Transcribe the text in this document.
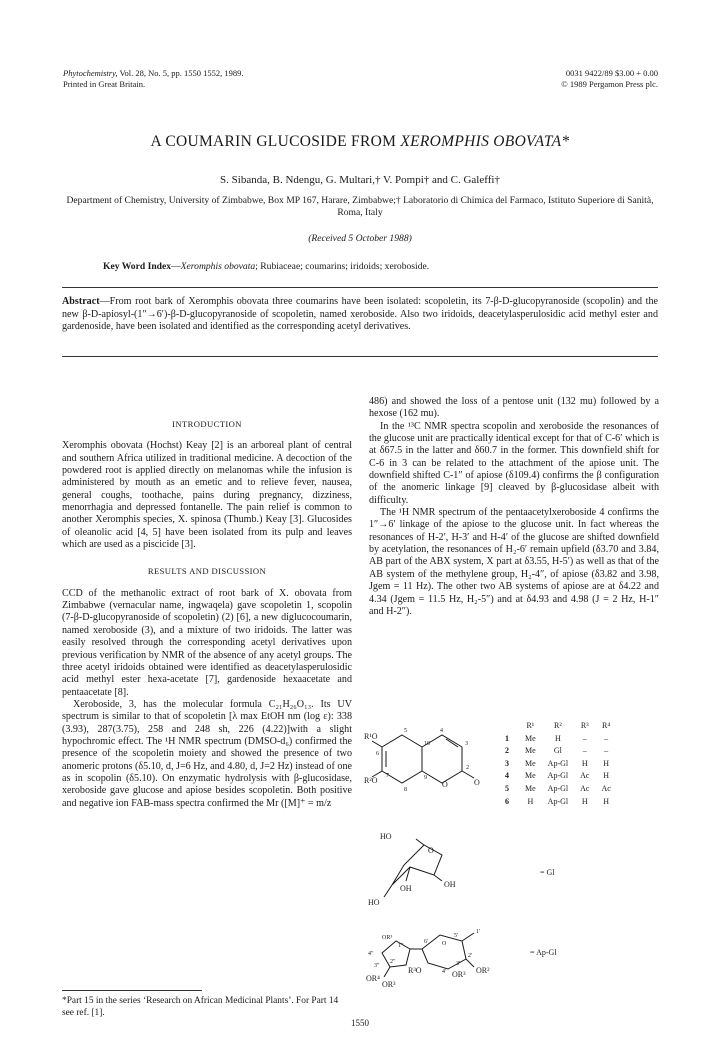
Phytochemistry, Vol. 28, No. 5, pp. 1550 1552, 1989.
Printed in Great Britain.
0031 9422/89 $3.00 + 0.00
© 1989 Pergamon Press plc.
A COUMARIN GLUCOSIDE FROM XEROMPHIS OBOVATA*
S. Sibanda, B. Ndengu, G. Multari,† V. Pompi† and C. Galeffi†
Department of Chemistry, University of Zimbabwe, Box MP 167, Harare, Zimbabwe;† Laboratorio di Chimica del Farmaco, Istituto Superiore di Sanità, Roma, Italy
(Received 5 October 1988)
Key Word Index—Xeromphis obovata; Rubiaceae; coumarins; iridoids; xeroboside.
Abstract—From root bark of Xeromphis obovata three coumarins have been isolated: scopoletin, its 7-β-D-glucopyranoside (scopolin) and the new β-D-apiosyl-(1″→6′)-β-D-glucopyranoside of scopoletin, named xeroboside. Also two iridoids, deacetylasperulosidic acid methyl ester and gardenoside, have been isolated and identified as the corresponding acetyl derivatives.
INTRODUCTION

Xeromphis obovata (Hochst) Keay [2] is an arboreal plant of central and southern Africa utilized in traditional medicine. A decoction of the powdered root is applied directly on melanomas while the infusion is administered by mouth as an emetic and to relieve fever, nausea, general coughs, toothache, pains during pregnancy, dizziness, menorrhagia and depressed fontanelle. The pain relief is common to another Xeromphis species, X. spinosa (Thumb.) Keay [3]. Glucosides of oleanolic acid [4, 5] have been isolated from its pulp and leaves which are used as a piscicide [3].

RESULTS AND DISCUSSION

CCD of the methanolic extract of root bark of X. obovata from Zimbabwe (vernacular name, ingwaqela) gave scopoletin 1, scopolin (7-β-D-glucopyranoside of scopoletin) (2) [6], a new diglucocoumarin, named xeroboside (3), and a mixture of two iridoids. The latter was easily resolved through the corresponding acetyl derivatives upon previous verification by NMR of the absence of any acetyl groups. The three acetyl iridoids obtained were identified as deacetylasperulosidic acid methyl ester hexa-acetate [7], gardenoside hexaacetate and pentaacetate [8].

Xeroboside, 3, has the molecular formula C₂₁H₂₆O₁₃. Its UV spectrum is similar to that of scopoletin [λ max EtOH nm (log ε): 338 (3.93), 287(3.75), 258 and 248 sh, 226 (4.22)]with a slight hypochromic effect. The ¹H NMR spectrum (DMSO-d₆) confirmed the presence of the scopoletin moiety and showed the presence of two anomeric protons (δ5.10, d, J=6 Hz, and 4.80, d, J=2 Hz) instead of one as in scopolin (δ5.10). On enzymatic hydrolysis with β-glucosidase, xeroboside gave glucose and apiose besides scopoletin. Both positive and negative ion FAB-mass spectra confirmed the Mr ([M]⁺ = m/z

*Part 15 in the series ‘Research on African Medicinal Plants’. For Part 14 see ref. [1].

486) and showed the loss of a pentose unit (132 mu) followed by a hexose (162 mu).

In the ¹³C NMR spectra scopolin and xeroboside the resonances of the glucose unit are practically identical except for that of C-6′ which is at δ67.5 in the latter and δ60.7 in the former. This downfield shift for C-6 in 3 can be related to the attachment of the apiose unit. The downfield shifted C-1″ of apiose (δ109.4) confirms the β configuration of the anomeric linkage [9] cleaved by β-glucosidase albeit with difficulty.

The ¹H NMR spectrum of the pentaacetylxeroboside 4 confirms the 1″→6′ linkage of the apiose to the glucose unit. In fact whereas the resonances of H-2′, H-3′ and H-4′ of the glucose are shifted downfield by acetylation, the resonances of H₂-6′ remain upfield (δ3.70 and 3.84, AB part of the ABX system, X part at δ3.55, H-5′) as well as that of the AB system of the methylene group, H₂-4″, of apiose (δ3.82 and 3.98, Jgem = 11 Hz). The other two AB systems of apiose are at δ4.22 and 4.34 (Jgem = 11.5 Hz, H₂-5″) and at δ4.93 and 4.98 (J = 2 Hz, H-1″ and H-2″).

R¹O
R²O	O	O
5	4
3
6
7
8
9
10
2
HO
HO
OH	OH
O
= Gl
OR³
OR⁴
OR³
R³O	OR²
OR³
O
1′
2′
4′
1″
2″
3″
4″
6′
5′
3′
= Ap-Gl
	R¹	R²	R³	R⁴
1	Me	H	–	–
2	Me	Gl	–	–
3	Me	Ap-Gl	H	H
4	Me	Ap-Gl	Ac	H
5	Me	Ap-Gl	Ac	Ac
6	H	Ap-Gl	H	H
1550
